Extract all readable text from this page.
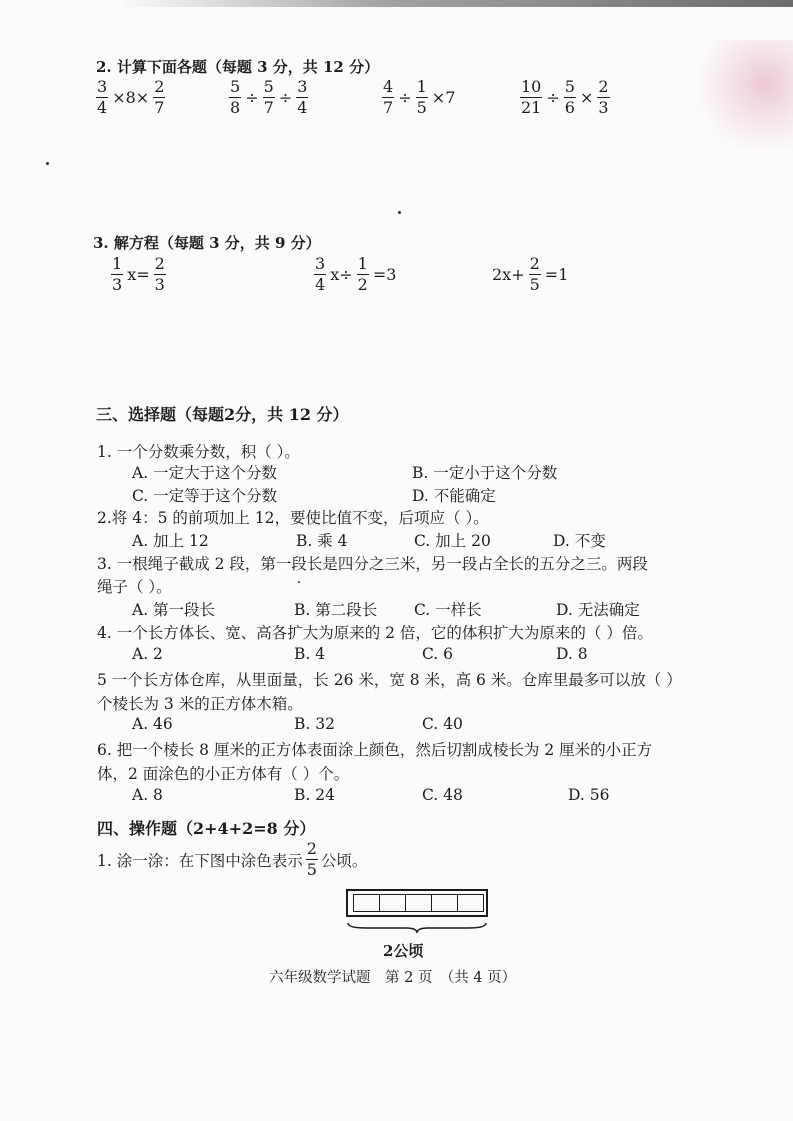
2. 计算下面各题（每题 3 分，共 12 分）
$\frac{3}{4} \times 8\times \frac{2}{7}$	$\frac{5}{8} \div \frac{5}{7} \div \frac{3}{4}$	$\frac{4}{7} \div \frac{1}{5} \times 7$	$\frac{10}{21} \div \frac{5}{6} \times \frac{2}{3}$
3. 解方程（每题 3 分，共 9 分）
$\frac{1}{3} x= \frac{2}{3}$	$\frac{3}{4} x\div \frac{1}{2} =3$	$2x+ \frac{2}{5} =1$
三、选择题（每题2分，共 12 分）
1. 一个分数乘分数，积（ ）。
A. 一定大于这个分数	B. 一定小于这个分数
C. 一定等于这个分数	D. 不能确定
2.将 4：5 的前项加上 12，要使比值不变，后项应（ ）。
A. 加上 12	B. 乘 4	C. 加上 20	D. 不变
3. 一根绳子截成 2 段，第一段长是四分之三米，另一段占全长的五分之三。两段
绳子（ ）。
A. 第一段长	B. 第二段长 C. 一样长	D. 无法确定
4. 一个长方体长、宽、高各扩大为原来的 2 倍，它的体积扩大为原来的（ ）倍。
A. 2	B. 4	C. 6	D. 8
5 一个长方体仓库，从里面量，长 26 米，宽 8 米，高 6 米。仓库里最多可以放（ ）
个棱长为 3 米的正方体木箱。
A. 46	B. 32	C. 40
6. 把一个棱长 8 厘米的正方体表面涂上颜色，然后切割成棱长为 2 厘米的小正方
体，2 面涂色的小正方体有（ ）个。
A. 8	B. 24	C. 48	D. 56
四、操作题（2+4+2=8 分）
1. 涂一涂：在下图中涂色表示 $\frac{2}{5}$ 公顷。
2公顷
六年级数学试题　第 2 页　（共 4 页）
